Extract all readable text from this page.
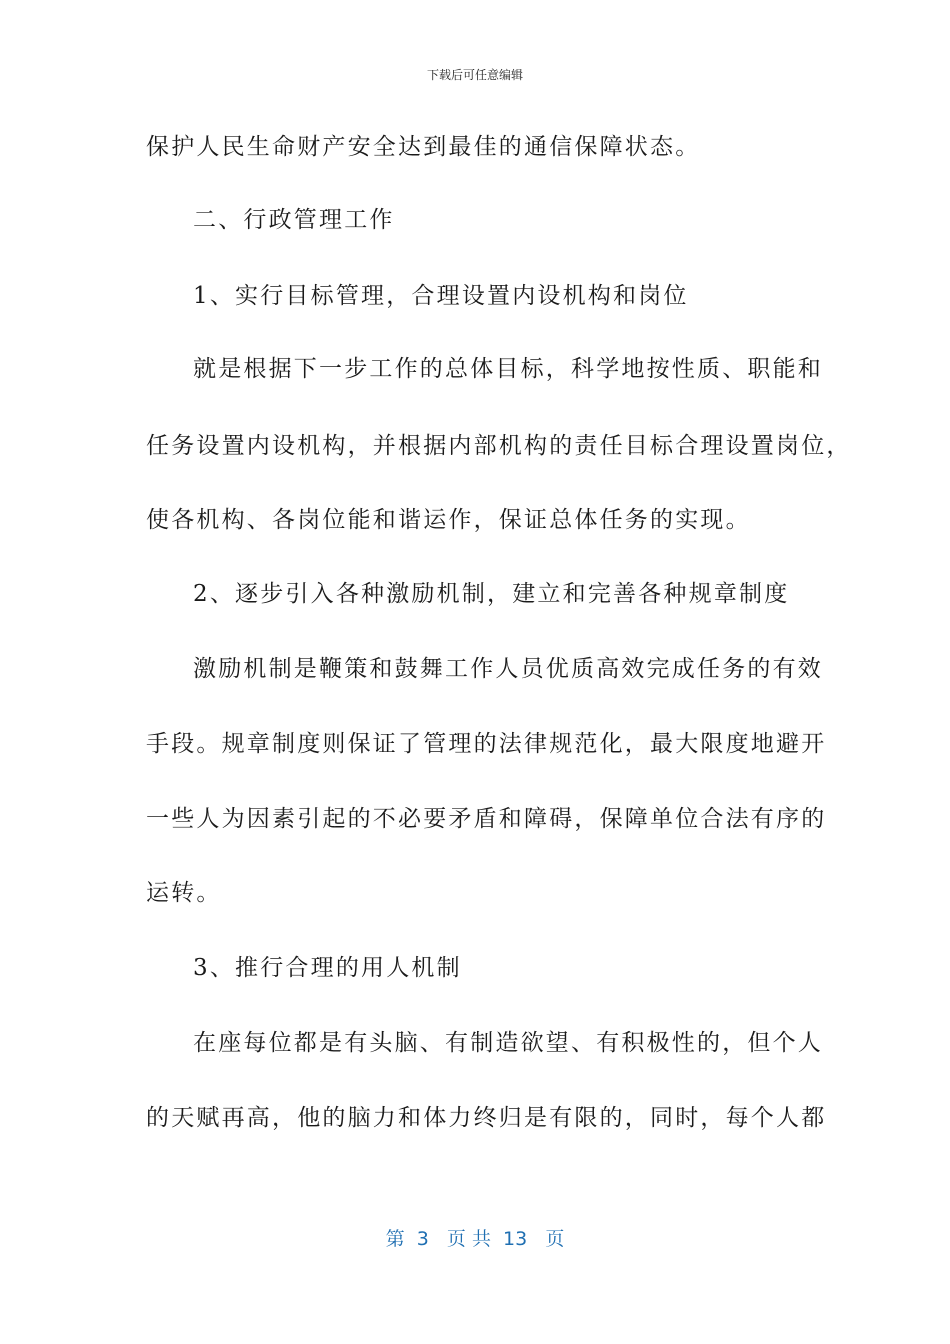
下载后可任意编辑
保护人民生命财产安全达到最佳的通信保障状态。
二、行政管理工作
1、实行目标管理，合理设置内设机构和岗位
就是根据下一步工作的总体目标，科学地按性质、职能和
任务设置内设机构，并根据内部机构的责任目标合理设置岗位，
使各机构、各岗位能和谐运作，保证总体任务的实现。
2、逐步引入各种激励机制，建立和完善各种规章制度
激励机制是鞭策和鼓舞工作人员优质高效完成任务的有效
手段。规章制度则保证了管理的法律规范化，最大限度地避开
一些人为因素引起的不必要矛盾和障碍，保障单位合法有序的
运转。
3、推行合理的用人机制
在座每位都是有头脑、有制造欲望、有积极性的，但个人
的天赋再高，他的脑力和体力终归是有限的，同时，每个人都
第  3   页 共  13   页
